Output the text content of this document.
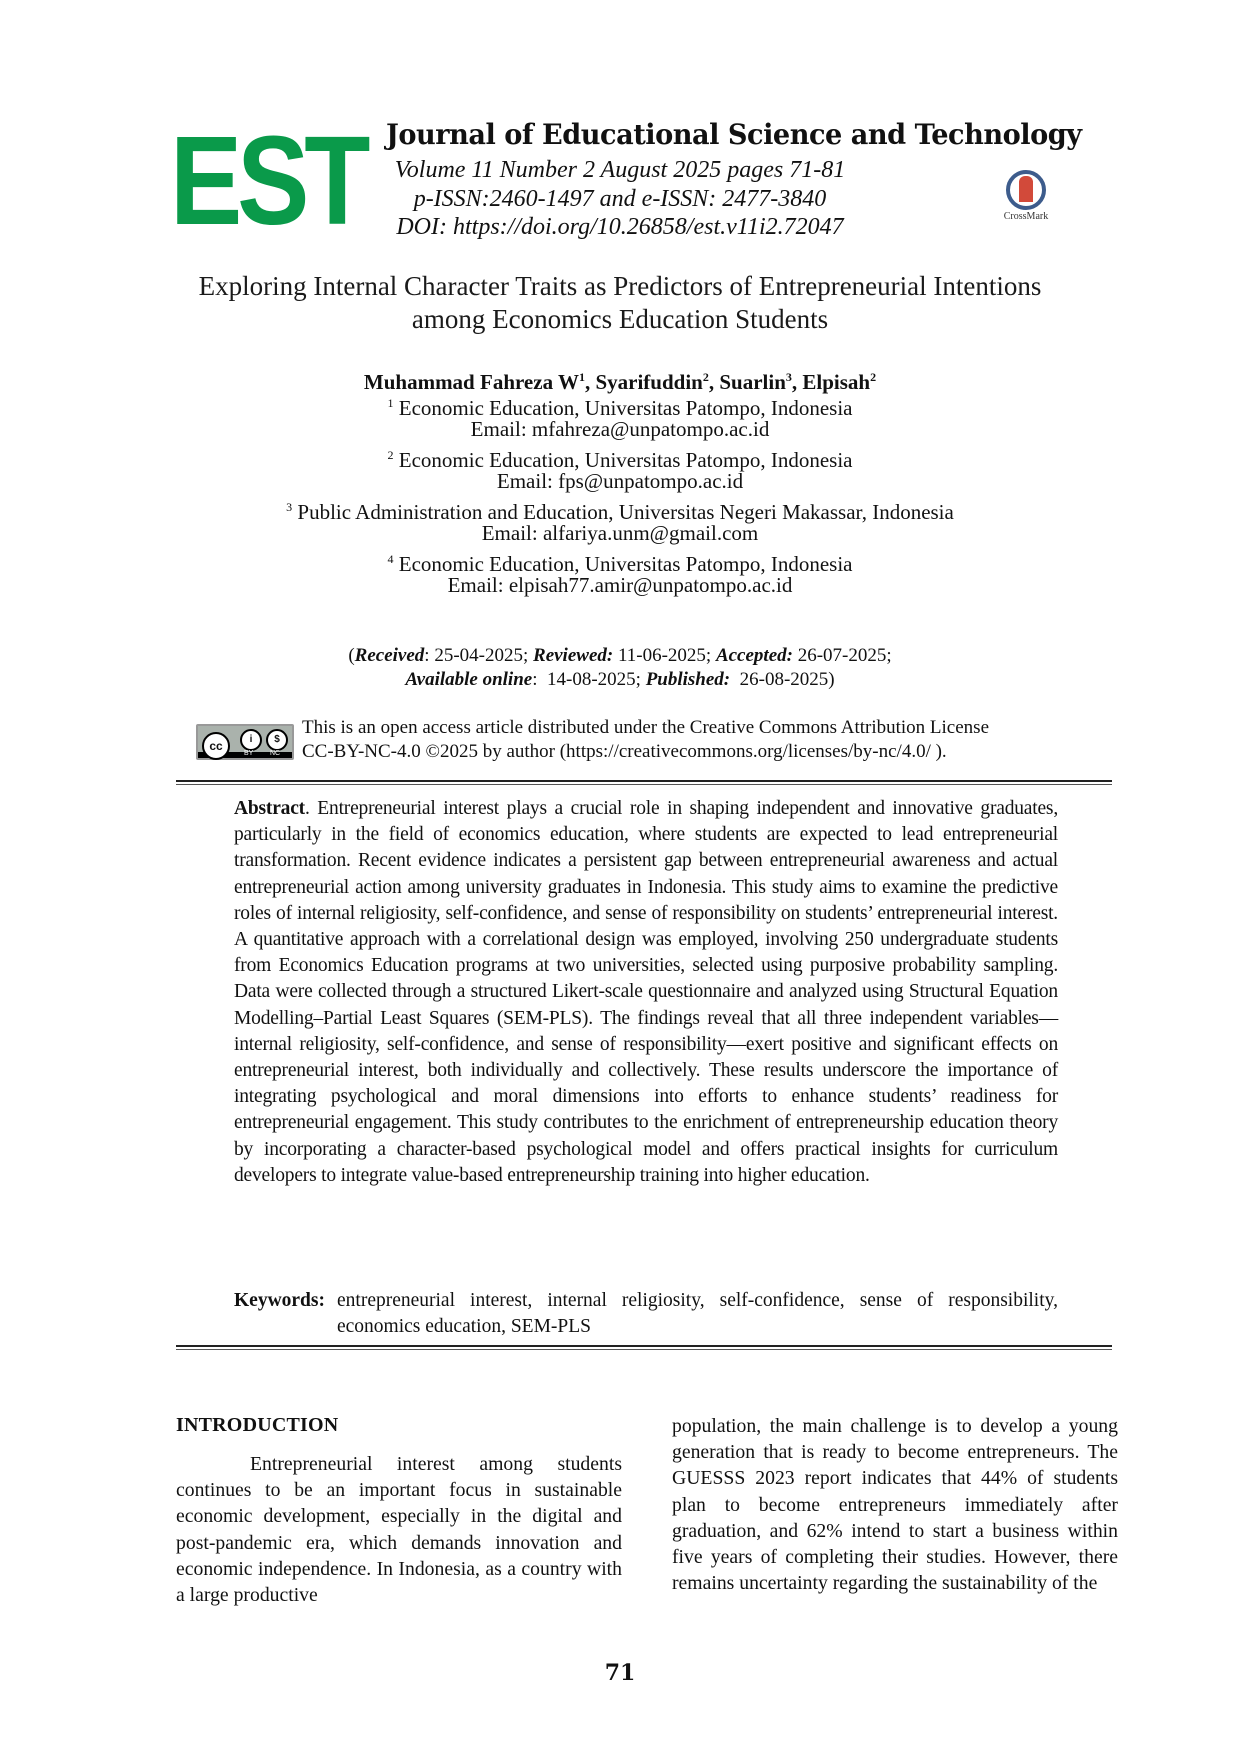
EST Journal of Educational Science and Technology
Volume 11 Number 2 August 2025 pages 71-81
p-ISSN:2460-1497 and e-ISSN: 2477-3840
DOI: https://doi.org/10.26858/est.v11i2.72047	CrossMark
Exploring Internal Character Traits as Predictors of Entrepreneurial Intentions
among Economics Education Students
Muhammad Fahreza $W^1$, Syarifuddin$^2$, Suarlin$^3$, Elpisah$^2$
$^1$ Economic Education, Universitas Patompo, Indonesia
Email: mfahreza@unpatompo.ac.id
$^2$ Economic Education, Universitas Patompo, Indonesia
Email: fps@unpatompo.ac.id
$^3$ Public Administration and Education, Universitas Negeri Makassar, Indonesia
Email: alfariya.unm@gmail.com
$^4$ Economic Education, Universitas Patompo, Indonesia
Email: elpisah77.amir@unpatompo.ac.id
(Received: 25-04-2025; Reviewed: 11-06-2025; Accepted: 26-07-2025;
Available online:  14-08-2025; Published: 26-08-2025)
cc	i	$
BY NC
This is an open access article distributed under the Creative Commons Attribution License
CC-BY-NC-4.0 ©2025 by author (https://creativecommons.org/licenses/by-nc/4.0/ ).
Abstract. Entrepreneurial interest plays a crucial role in shaping independent and innovative graduates, particularly in the field of economics education, where students are expected to lead entrepreneurial transformation. Recent evidence indicates a persistent gap between entrepreneurial awareness and actual entrepreneurial action among university graduates in Indonesia. This study aims to examine the predictive roles of internal religiosity, self-confidence, and sense of responsibility on students’ entrepreneurial interest. A quantitative approach with a correlational design was employed, involving 250 undergraduate students from Economics Education programs at two universities, selected using purposive probability sampling. Data were collected through a structured Likert-scale questionnaire and analyzed using Structural Equation Modelling–Partial Least Squares (SEM-PLS). The findings reveal that all three independent variables—internal religiosity, self-confidence, and sense of responsibility—exert positive and significant effects on entrepreneurial interest, both individually and collectively. These results underscore the importance of integrating psychological and moral dimensions into efforts to enhance students’ readiness for entrepreneurial engagement. This study contributes to the enrichment of entrepreneurship education theory by incorporating a character-based psychological model and offers practical insights for curriculum developers to integrate value-based entrepreneurship training into higher education.
Keywords: entrepreneurial interest, internal religiosity, self-confidence, sense of responsibility, economics education, SEM-PLS
INTRODUCTION
Entrepreneurial interest among students continues to be an important focus in sustainable economic development, especially in the digital and post-pandemic era, which demands innovation and economic independence. In Indonesia, as a country with a large productive
population, the main challenge is to develop a young generation that is ready to become entrepreneurs. The GUESSS 2023 report indicates that 44% of students plan to become entrepreneurs immediately after graduation, and 62% intend to start a business within five years of completing their studies. However, there remains uncertainty regarding the sustainability of the
71
